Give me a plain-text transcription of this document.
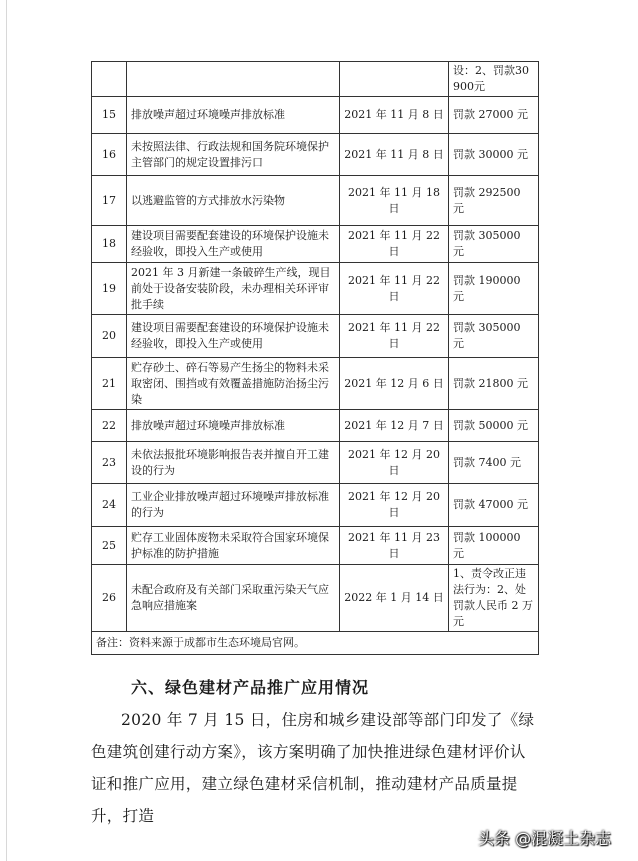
			设：2、罚款30900元
15	排放噪声超过环境噪声排放标准	2021 年 11 月 8 日	罚款 27000 元
16	未按照法律、行政法规和国务院环境保护主管部门的规定设置排污口	2021 年 11 月 8 日	罚款 30000 元
17	以逃避监管的方式排放水污染物	2021 年 11 月 18 日	罚款 292500 元
18	建设项目需要配套建设的环境保护设施未经验收，即投入生产或使用	2021 年 11 月 22 日	罚款 305000 元
19	2021 年 3 月新建一条破碎生产线，现目前处于设备安装阶段，未办理相关环评审批手续	2021 年 11 月 22 日	罚款 190000 元
20	建设项目需要配套建设的环境保护设施未经验收，即投入生产或使用	2021 年 11 月 22 日	罚款 305000 元
21	贮存砂土、碎石等易产生扬尘的物料未采取密闭、围挡或有效覆盖措施防治扬尘污染	2021 年 12 月 6 日	罚款 21800 元
22	排放噪声超过环境噪声排放标准	2021 年 12 月 7 日	罚款 50000 元
23	未依法报批环境影响报告表并擅自开工建设的行为	2021 年 12 月 20 日	罚款 7400 元
24	工业企业排放噪声超过环境噪声排放标准的行为	2021 年 12 月 20 日	罚款 47000 元
25	贮存工业固体废物未采取符合国家环境保护标准的防护措施	2021 年 11 月 23 日	罚款 100000 元
26	未配合政府及有关部门采取重污染天气应急响应措施案	2022 年 1 月 14 日	1、责令改正违法行为：2、处罚款人民币 2 万元
备注：资料来源于成都市生态环境局官网。			
六、绿色建材产品推广应用情况

2020 年 7 月 15 日，住房和城乡建设部等部门印发了《绿色建筑创建行动方案》，该方案明确了加快推进绿色建材评价认证和推广应用，建立绿色建材采信机制，推动建材产品质量提升，打造

头条 @混凝土杂志
